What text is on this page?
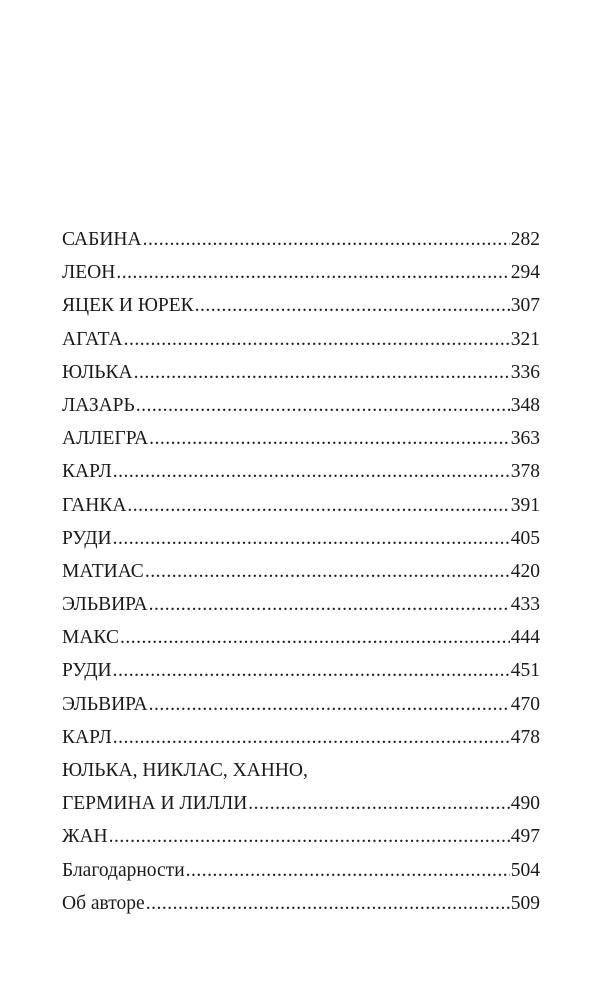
САБИНА .....	282
ЛЕОН .....	294
ЯЦЕК И ЮРЕК .....	307
АГАТА .....	321
ЮЛЬКА .....	336
ЛАЗАРЬ .....	348
АЛЛЕГРА .....	363
КАРЛ .....	378
ГАНКА .....	391
РУДИ .....	405
МАТИАС .....	420
ЭЛЬВИРА .....	433
МАКС .....	444
РУДИ .....	451
ЭЛЬВИРА .....	470
КАРЛ .....	478
ЮЛЬКА, НИКЛАС, ХАННО,
ГЕРМИНА И ЛИЛЛИ .....	490
ЖАН .....	497
Благодарности .....	504
Об авторе .....	509
